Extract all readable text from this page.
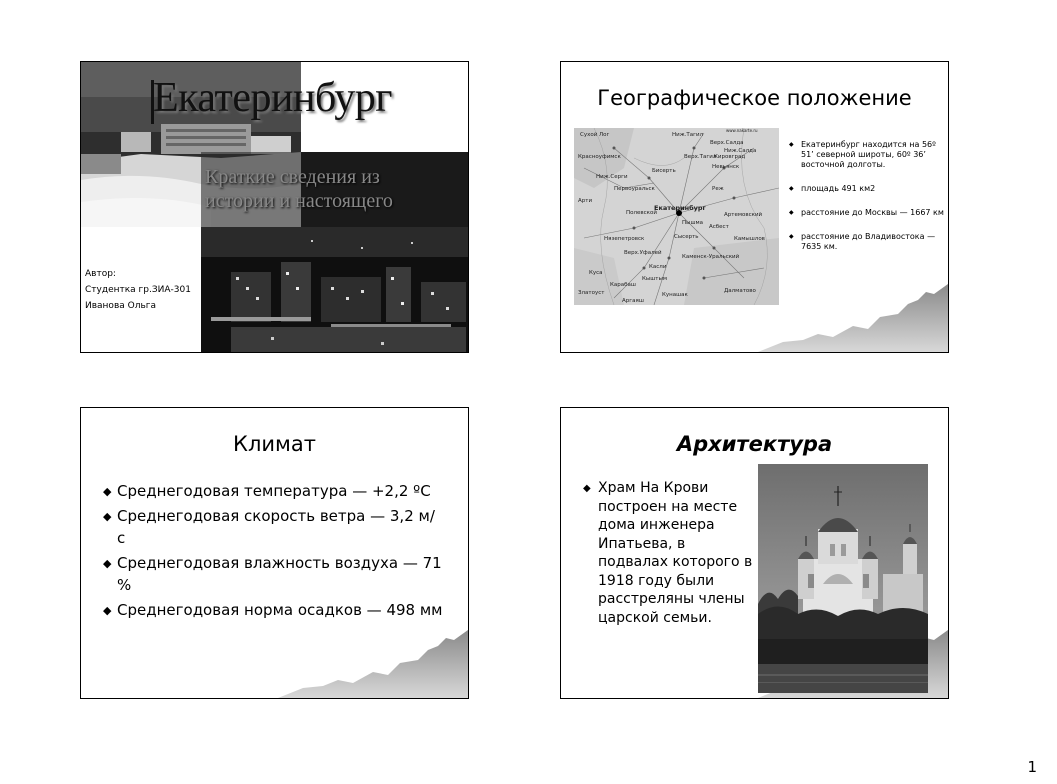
Екатеринбург
Краткие сведения из
истории и настоящего
Автор:
Студентка гр.ЗИА-301
Иванова Ольга
Географическое положение
Сухой Лог	Ниж.Тагил
www.nakarte.ru
Верх.Салда
Красноуфимск	Верх.Тагил
Кировград
Ниж.Салда
Бисерть
Невьянск
Ниж.Серги
Первоуральск	Реж
Арти
Полевской
Екатеринбург
Артемовский
Асбест
Сысерть	Камышлов
Нязепетровск
Верх.Уфалей
Каменск-Уральский
Касли
Куса
Кыштым
Карабаш
Далматово
Аргаяш
Златоуст	Кунашак
Пышма
◆ Екатеринбург находится на 56º 51’ северной широты, 60º 36’ восточной долготы.
◆ площадь 491 км2
◆ расстояние до Москвы — 1667 км
◆ расстояние до Владивостока — 7635 км.
Климат
◆ Среднегодовая температура — +2,2 ºС
◆ Среднегодовая скорость ветра — 3,2 м/с
◆ Среднегодовая влажность воздуха — 71 %
◆ Среднегодовая норма осадков — 498 мм
Архитектура
◆ Храм На Крови построен на месте дома инженера Ипатьева, в подвалах которого в 1918 году были расстреляны члены царской семьи.
1
